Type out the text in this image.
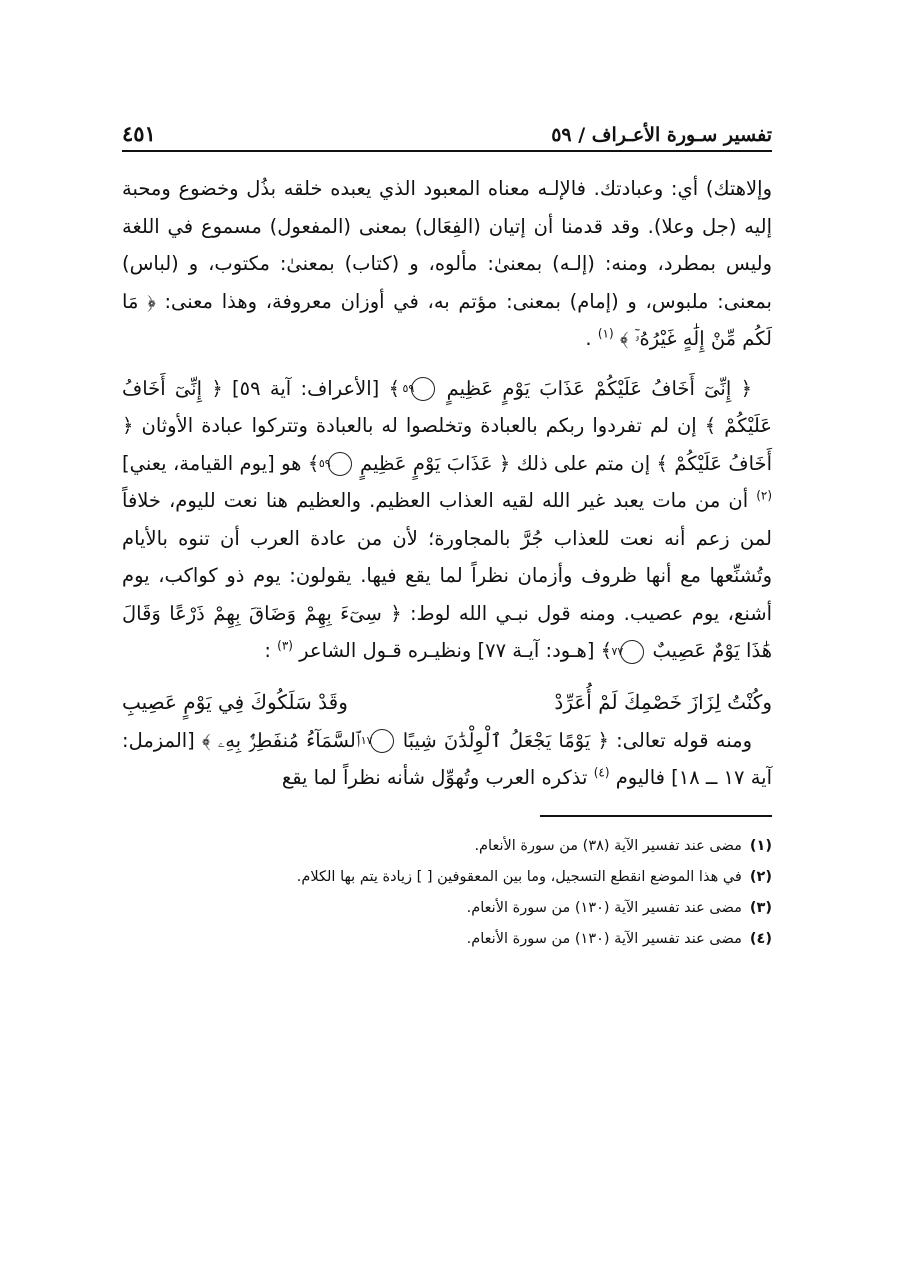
تفسير سـورة الأعـراف / ٥٩
٤٥١

وإلاهتك) أي: وعبادتك. فالإلـه معناه المعبود الذي يعبده خلقه بذُل وخضوع ومحبة إليه (جل وعلا). وقد قدمنا أن إتيان (الفِعَال) بمعنى (المفعول) مسموع في اللغة وليس بمطرد، ومنه: (إلـه) بمعنىٰ: مألوه، و (كتاب) بمعنىٰ: مكتوب، و (لباس) بمعنى: ملبوس، و (إمام) بمعنى: مؤتم به، في أوزان معروفة، وهذا معنى: ﴿ مَا لَكُم مِّنْ إِلَٰهٍ غَيْرُهُۥٓ ﴾ $^{(١)}$ .

﴿ إِنِّىٓ أَخَافُ عَلَيْكُمْ عَذَابَ يَوْمٍ عَظِيمٍ ٥٩ ﴾ [الأعراف: آية ٥٩] ﴿ إِنِّىٓ أَخَافُ عَلَيْكُمْ ﴾ إن لم تفردوا ربكم بالعبادة وتخلصوا له بالعبادة وتتركوا عبادة الأوثان ﴿ أَخَافُ عَلَيْكُمْ ﴾ إن متم على ذلك ﴿ عَذَابَ يَوْمٍ عَظِيمٍ ٥٩ ﴾ هو [يوم القيامة، يعني] $^{(٢)}$ أن من مات يعبد غير الله لقيه العذاب العظيم. والعظيم هنا نعت لليوم، خلافاً لمن زعم أنه نعت للعذاب جُرَّ بالمجاورة؛ لأن من عادة العرب أن تنوه بالأيام وتُشنِّعها مع أنها ظروف وأزمان نظراً لما يقع فيها. يقولون: يوم ذو كواكب، يوم أشنع، يوم عصيب. ومنه قول نبـي الله لوط: ﴿ سِىٓءَ بِهِمْ وَضَاقَ بِهِمْ ذَرْعًا وَقَالَ هَٰذَا يَوْمٌ عَصِيبٌ ٧٧ ﴾ [هـود: آيـة ٧٧] ونظيـره قـول الشاعر $^{(٣)}$ :

وكُنْتُ لِزَازَ خَصْمِكَ لَمْ أُعَرِّدْ
وقَدْ سَلَكُوكَ فِي يَوْمٍ عَصِيبِ

ومنه قوله تعالى: ﴿ يَوْمًا يَجْعَلُ ٱلْوِلْدَٰنَ شِيبًا ١٧ ٱلسَّمَآءُ مُنفَطِرٌۢ بِهِۦ ﴾ [المزمل: آية ١٧ ــ ١٨] فاليوم $^{(٤)}$ تذكره العرب وتُهوِّل شأنه نظراً لما يقع

(١)
مضى عند تفسير الآية (٣٨) من سورة الأنعام.
(٢)
في هذا الموضع انقطع التسجيل، وما بين المعقوفين [ ] زيادة يتم بها الكلام.
(٣)
مضى عند تفسير الآية (١٣٠) من سورة الأنعام.
(٤)
مضى عند تفسير الآية (١٣٠) من سورة الأنعام.
